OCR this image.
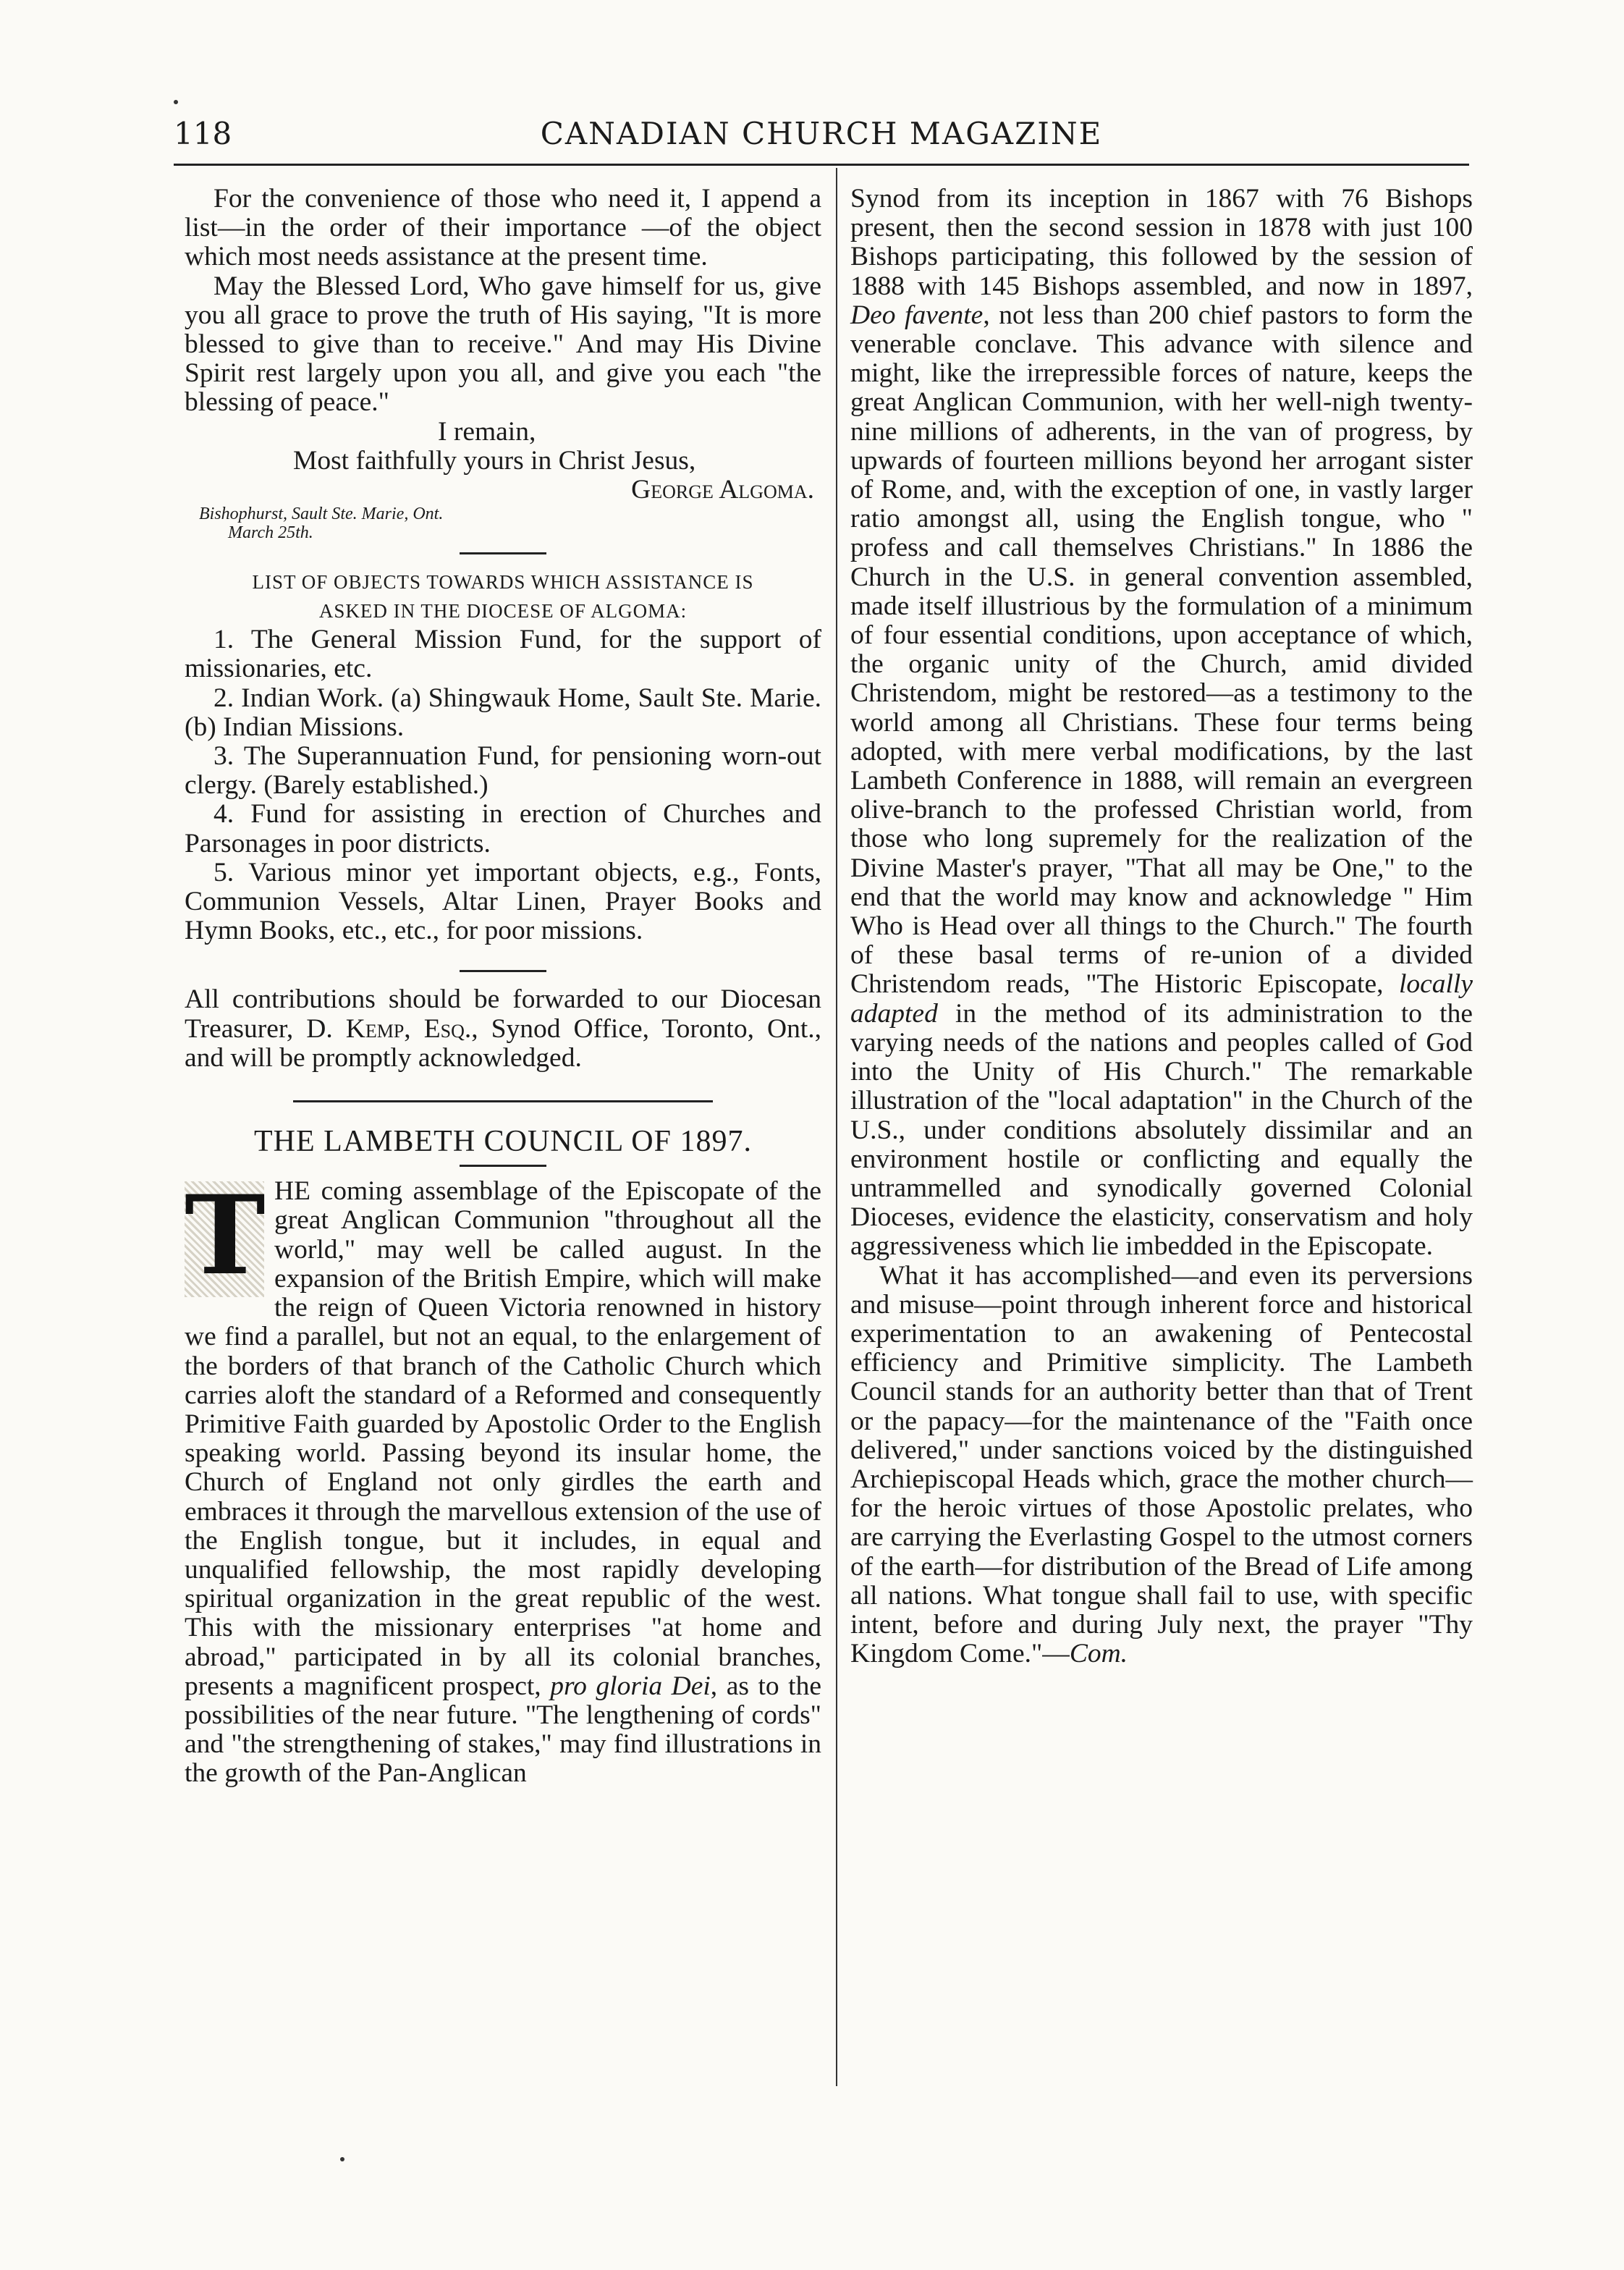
118	CANADIAN CHURCH MAGAZINE

For the convenience of those who need it, I append a list—in the order of their importance —of the object which most needs assistance at the present time.

May the Blessed Lord, Who gave himself for us, give you all grace to prove the truth of His saying, "It is more blessed to give than to receive." And may His Divine Spirit rest largely upon you all, and give you each "the blessing of peace."

I remain,

Most faithfully yours in Christ Jesus,

George Algoma.

Bishophurst, Sault Ste. Marie, Ont.

March 25th.

LIST OF OBJECTS TOWARDS WHICH ASSISTANCE IS

ASKED IN THE DIOCESE OF ALGOMA:

1. The General Mission Fund, for the support of missionaries, etc.

2. Indian Work. (a) Shingwauk Home, Sault Ste. Marie. (b) Indian Missions.

3. The Superannuation Fund, for pensioning worn-out clergy. (Barely established.)

4. Fund for assisting in erection of Churches and Parsonages in poor districts.

5. Various minor yet important objects, e.g., Fonts, Communion Vessels, Altar Linen, Prayer Books and Hymn Books, etc., etc., for poor missions.

All contributions should be forwarded to our Diocesan Treasurer, D. Kemp, Esq., Synod Office, Toronto, Ont., and will be promptly acknowledged.

THE LAMBETH COUNCIL OF 1897.

T HE coming assemblage of the Episcopate of the great Anglican Communion "throughout all the world," may well be called august. In the expansion of the British Empire, which will make the reign of Queen Victoria renowned in history we find a parallel, but not an equal, to the enlargement of the borders of that branch of the Catholic Church which carries aloft the standard of a Reformed and consequently Primitive Faith guarded by Apostolic Order to the English speaking world. Passing beyond its insular home, the Church of England not only girdles the earth and embraces it through the marvellous extension of the use of the English tongue, but it includes, in equal and unqualified fellowship, the most rapidly developing spiritual organization in the great republic of the west. This with the missionary enterprises "at home and abroad," participated in by all its colonial branches, presents a magnificent prospect, pro gloria Dei, as to the possibilities of the near future. "The lengthening of cords" and "the strengthening of stakes," may find illustrations in the growth of the Pan-Anglican

Synod from its inception in 1867 with 76 Bishops present, then the second session in 1878 with just 100 Bishops participating, this followed by the session of 1888 with 145 Bishops assembled, and now in 1897, Deo favente, not less than 200 chief pastors to form the venerable conclave. This advance with silence and might, like the irrepressible forces of nature, keeps the great Anglican Communion, with her well-nigh twenty-nine millions of adherents, in the van of progress, by upwards of fourteen millions beyond her arrogant sister of Rome, and, with the exception of one, in vastly larger ratio amongst all, using the English tongue, who " profess and call themselves Christians." In 1886 the Church in the U.S. in general convention assembled, made itself illustrious by the formulation of a minimum of four essential conditions, upon acceptance of which, the organic unity of the Church, amid divided Christendom, might be restored—as a testimony to the world among all Christians. These four terms being adopted, with mere verbal modifications, by the last Lambeth Conference in 1888, will remain an evergreen olive-branch to the professed Christian world, from those who long supremely for the realization of the Divine Master's prayer, "That all may be One," to the end that the world may know and acknowledge " Him Who is Head over all things to the Church." The fourth of these basal terms of re-union of a divided Christendom reads, "The Historic Episcopate, locally adapted in the method of its administration to the varying needs of the nations and peoples called of God into the Unity of His Church." The remarkable illustration of the "local adaptation" in the Church of the U.S., under conditions absolutely dissimilar and an environment hostile or conflicting and equally the untrammelled and synodically governed Colonial Dioceses, evidence the elasticity, conservatism and holy aggressiveness which lie imbedded in the Episcopate.

What it has accomplished—and even its perversions and misuse—point through inherent force and historical experimentation to an awakening of Pentecostal efficiency and Primitive simplicity. The Lambeth Council stands for an authority better than that of Trent or the papacy—for the maintenance of the "Faith once delivered," under sanctions voiced by the distinguished Archiepiscopal Heads which, grace the mother church—for the heroic virtues of those Apostolic prelates, who are carrying the Everlasting Gospel to the utmost corners of the earth—for distribution of the Bread of Life among all nations. What tongue shall fail to use, with specific intent, before and during July next, the prayer "Thy Kingdom Come."—Com.
